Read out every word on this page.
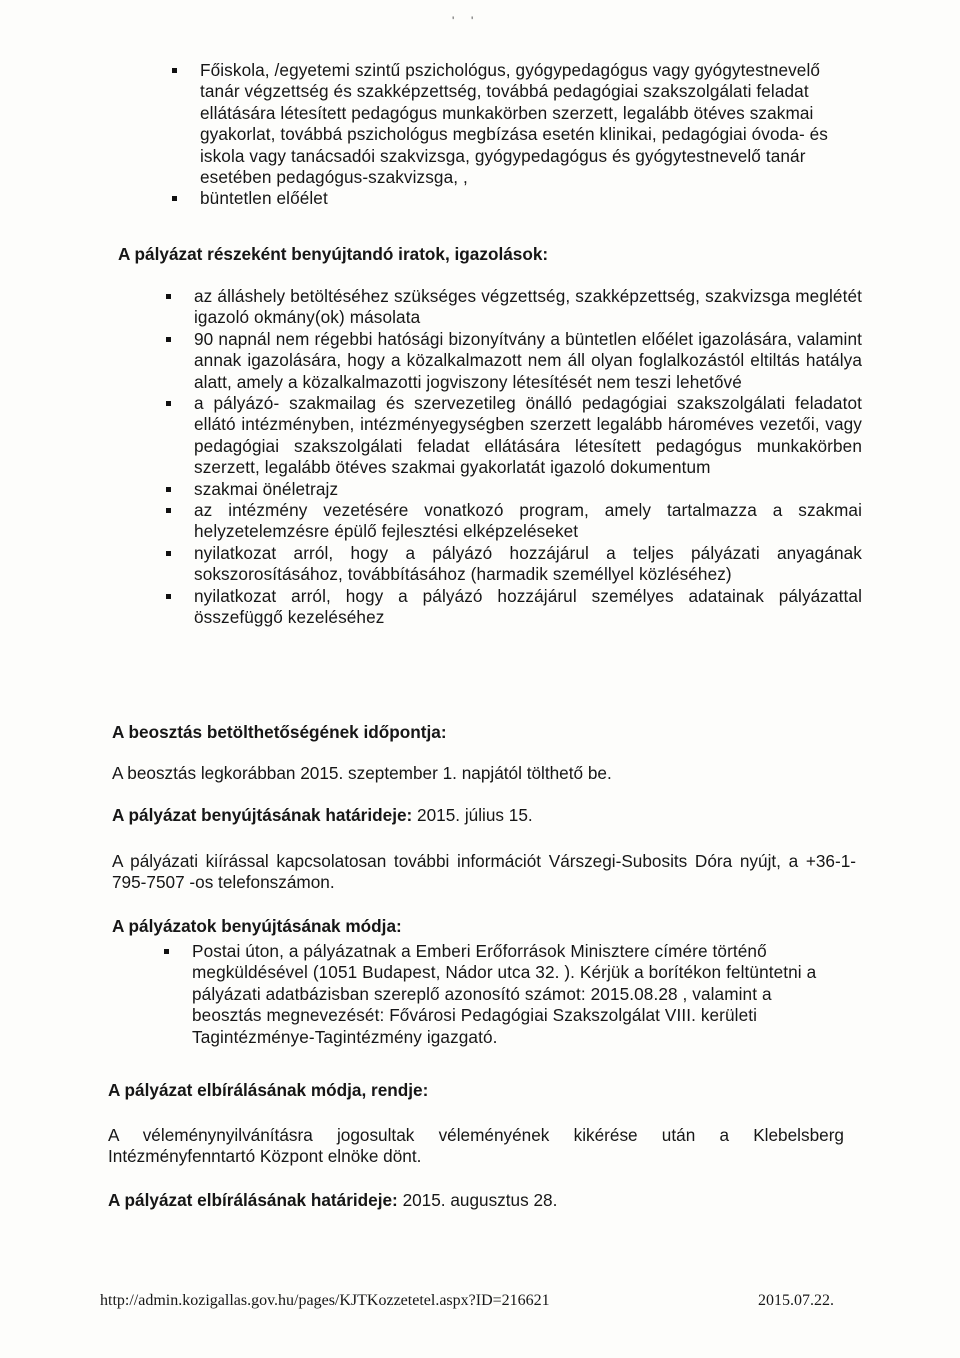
'     '
Főiskola, /egyetemi szintű pszichológus, gyógypedagógus vagy gyógytestnevelő tanár végzettség és szakképzettség, továbbá pedagógiai szakszolgálati feladat ellátására létesített pedagógus munkakörben szerzett, legalább ötéves szakmai gyakorlat, továbbá pszichológus megbízása esetén klinikai, pedagógiai óvoda- és iskola vagy tanácsadói szakvizsga, gyógypedagógus és gyógytestnevelő tanár esetében pedagógus-szakvizsga, ,
büntetlen előélet
A pályázat részeként benyújtandó iratok, igazolások:
az álláshely betöltéséhez szükséges végzettség, szakképzettség, szakvizsga meglétét igazoló okmány(ok) másolata
90 napnál nem régebbi hatósági bizonyítvány a büntetlen előélet igazolására, valamint annak igazolására, hogy a közalkalmazott nem áll olyan foglalkozástól eltiltás hatálya alatt, amely a közalkalmazotti jogviszony létesítését nem teszi lehetővé
a pályázó- szakmailag és szervezetileg önálló pedagógiai szakszolgálati feladatot ellátó intézményben, intézményegységben szerzett legalább hároméves vezetői, vagy pedagógiai szakszolgálati feladat ellátására létesített pedagógus munkakörben szerzett, legalább ötéves szakmai gyakorlatát igazoló dokumentum
szakmai önéletrajz
az intézmény vezetésére vonatkozó program, amely tartalmazza a szakmai helyzetelemzésre épülő fejlesztési elképzeléseket
nyilatkozat arról, hogy a pályázó hozzájárul a teljes pályázati anyagának sokszorosításához, továbbításához (harmadik személlyel közléséhez)
nyilatkozat arról, hogy a pályázó hozzájárul személyes adatainak pályázattal összefüggő kezeléséhez
A beosztás betölthetőségének időpontja:

A beosztás legkorábban 2015. szeptember 1. napjától tölthető be.

A pályázat benyújtásának határideje: 2015. július 15.

A pályázati kiírással kapcsolatosan további információt Várszegi-Subosits Dóra nyújt, a +36-1-795-7507 -os telefonszámon.

A pályázatok benyújtásának módja:
Postai úton, a pályázatnak a Emberi Erőforrások Minisztere címére történő megküldésével (1051 Budapest, Nádor utca 32. ). Kérjük a borítékon feltüntetni a pályázati adatbázisban szereplő azonosító számot: 2015.08.28 , valamint a beosztás megnevezését: Fővárosi Pedagógiai Szakszolgálat VIII. kerületi Tagintézménye-Tagintézmény igazgató.
A pályázat elbírálásának módja, rendje:

A véleménynyilvánításra jogosultak véleményének kikérése után a Klebelsberg Intézményfenntartó Központ elnöke dönt.

A pályázat elbírálásának határideje: 2015. augusztus 28.

http://admin.kozigallas.gov.hu/pages/KJTKozzetetel.aspx?ID=216621	2015.07.22.
